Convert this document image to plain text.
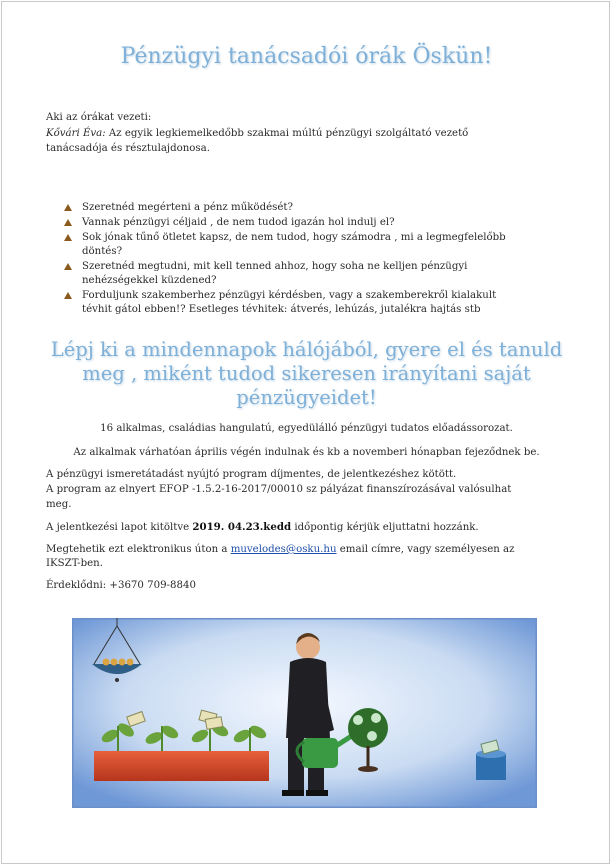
Pénzügyi tanácsadói órák Öskün!
Aki az órákat vezeti:
Kővári Éva: Az egyik legkiemelkedőbb szakmai múltú pénzügyi szolgáltató vezető
tanácsadója és résztulajdonosa.
Szeretnéd megérteni a pénz működését?
Vannak pénzügyi céljaid , de nem tudod igazán hol indulj el?
Sok jónak tűnő ötletet kapsz, de nem tudod, hogy számodra , mi a legmegfelelőbb
döntés?
Szeretnéd megtudni, mit kell tenned ahhoz, hogy soha ne kelljen pénzügyi
nehézségekkel küzdened?
Forduljunk szakemberhez pénzügyi kérdésben, vagy a szakemberekről kialakult
tévhit gátol ebben!? Esetleges tévhitek: átverés, lehúzás, jutalékra hajtás stb
Lépj ki a mindennapok hálójából, gyere el és tanuld
meg , miként tudod sikeresen irányítani saját
pénzügyeidet!
16 alkalmas, családias hangulatú, egyedülálló pénzügyi tudatos előadássorozat.
Az alkalmak várhatóan április végén indulnak és kb a novemberi hónapban fejeződnek be.
A pénzügyi ismeretátadást nyújtó program díjmentes, de jelentkezéshez kötött.
A program az elnyert EFOP -1.5.2-16-2017/00010 sz pályázat finanszírozásával valósulhat
meg.
A jelentkezési lapot kitöltve 2019. 04.23.kedd időpontig kérjük eljuttatni hozzánk.
Megtehetik ezt elektronikus úton a muvelodes@osku.hu email címre, vagy személyesen az
IKSZT-ben.
Érdeklődni: +3670 709-8840
